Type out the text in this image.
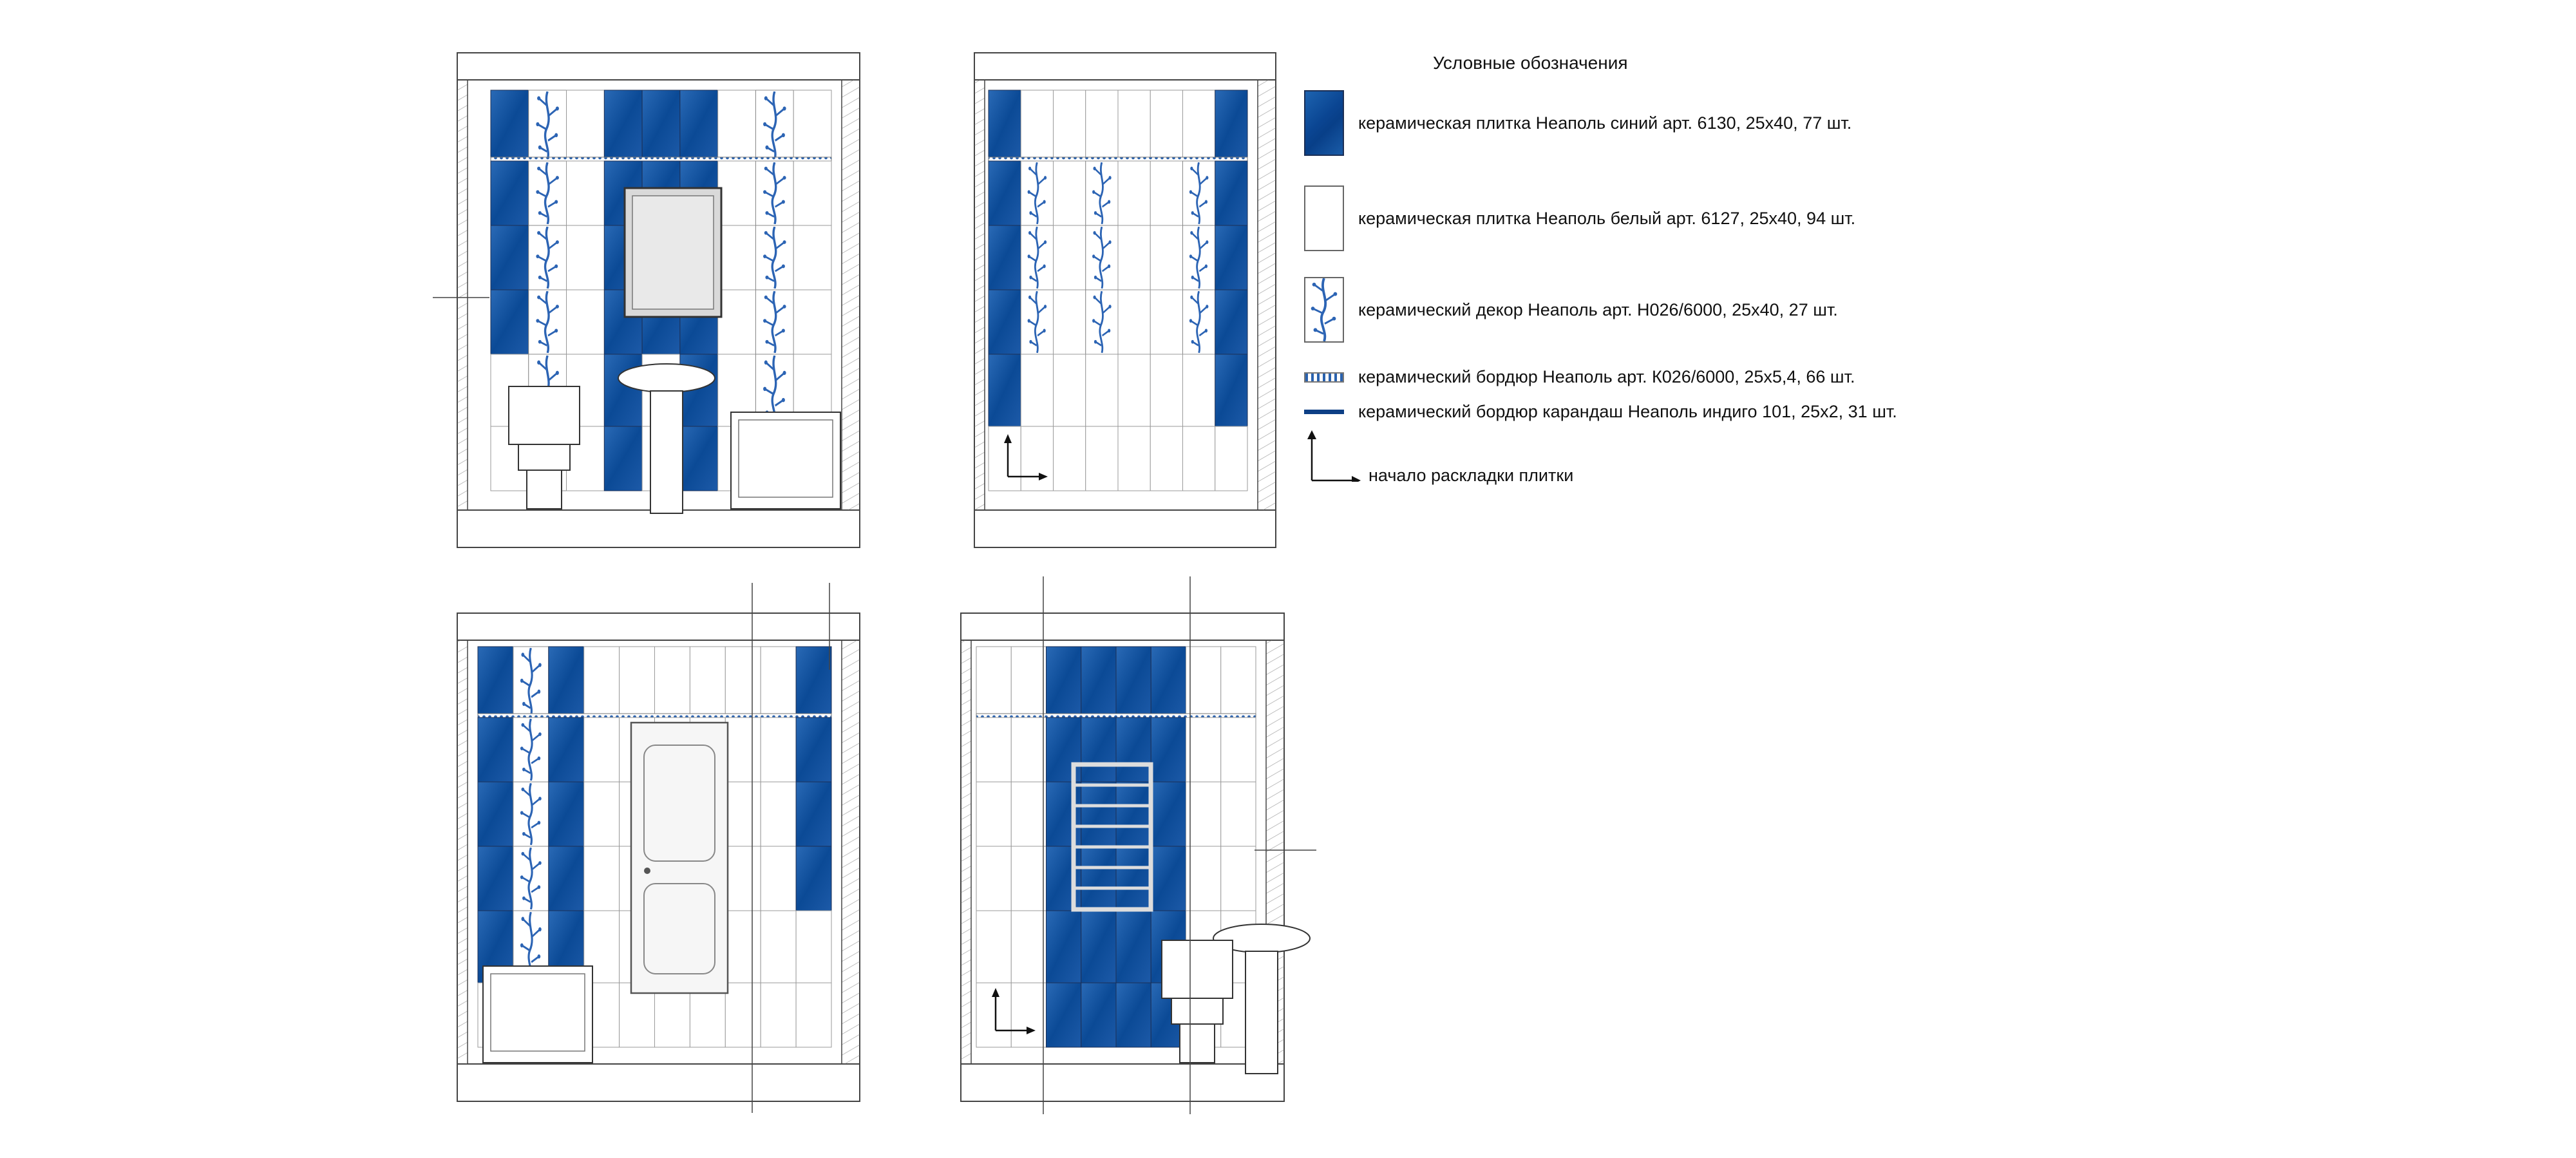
Условные обозначения
керамическая плитка Неаполь синий арт. 6130, 25х40, 77 шт.
керамическая плитка Неаполь белый арт. 6127, 25х40, 94 шт.
керамический декор Неаполь арт. Н026/6000, 25х40, 27 шт.
керамический бордюр Неаполь арт. К026/6000, 25х5,4, 66 шт.
керамический бордюр карандаш Неаполь индиго 101, 25х2, 31 шт.
начало раскладки плитки
